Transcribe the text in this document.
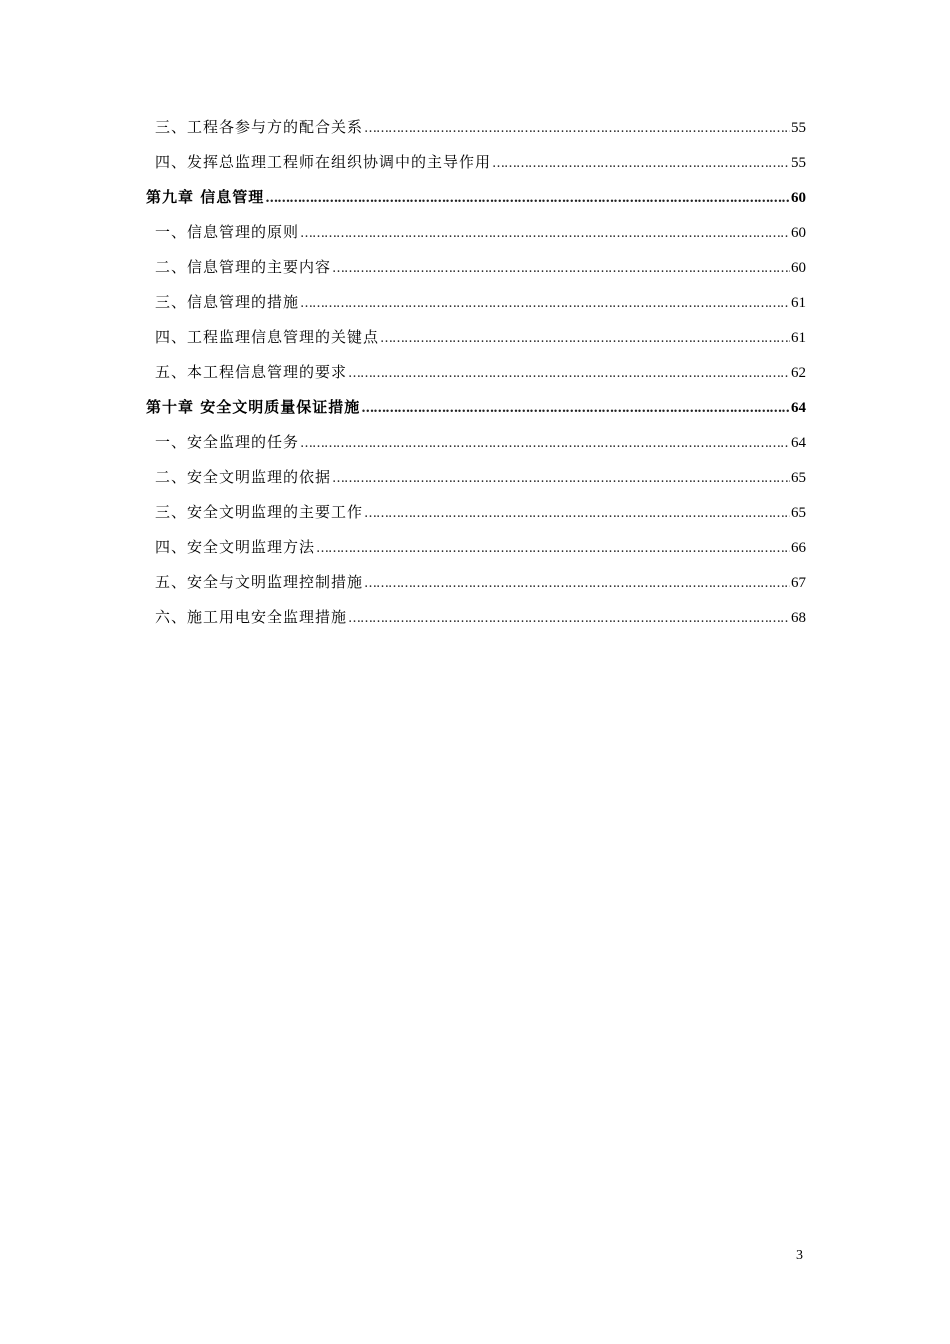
三、工程各参与方的配合关系 …………………………………………………………………………………………………………………………………………………………………………	55
四、发挥总监理工程师在组织协调中的主导作用 …………………………………………………………………………………………………………………………………………………………………………	55
第九章 信息管理 …………………………………………………………………………………………………………………………………………………………………………	60
一、信息管理的原则 …………………………………………………………………………………………………………………………………………………………………………	60
二、信息管理的主要内容 …………………………………………………………………………………………………………………………………………………………………………	60
三、信息管理的措施 …………………………………………………………………………………………………………………………………………………………………………	61
四、工程监理信息管理的关键点 …………………………………………………………………………………………………………………………………………………………………………	61
五、本工程信息管理的要求 …………………………………………………………………………………………………………………………………………………………………………	62
第十章 安全文明质量保证措施 …………………………………………………………………………………………………………………………………………………………………………	64
一、安全监理的任务 …………………………………………………………………………………………………………………………………………………………………………	64
二、安全文明监理的依据 …………………………………………………………………………………………………………………………………………………………………………	65
三、安全文明监理的主要工作 …………………………………………………………………………………………………………………………………………………………………………	65
四、安全文明监理方法 …………………………………………………………………………………………………………………………………………………………………………	66
五、安全与文明监理控制措施 …………………………………………………………………………………………………………………………………………………………………………	67
六、施工用电安全监理措施 …………………………………………………………………………………………………………………………………………………………………………	68
3
